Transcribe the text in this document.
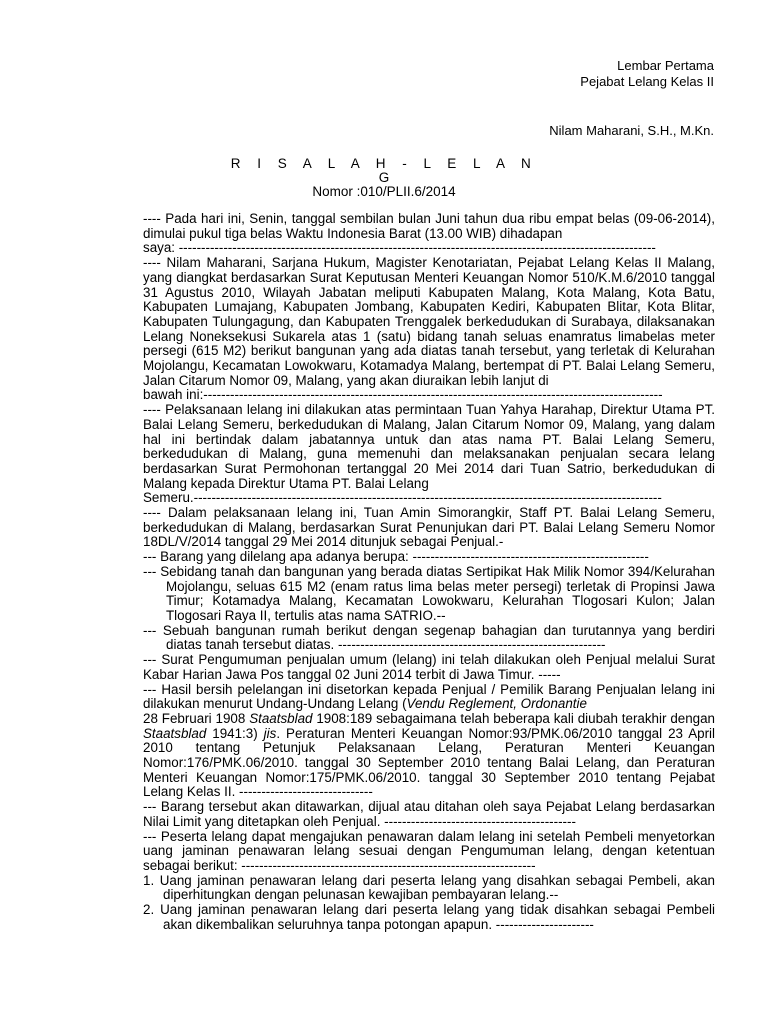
Lembar Pertama
Pejabat Lelang Kelas II
Nilam Maharani, S.H., M.Kn.
R I S A L A H - L E L A N
G
Nomor :010/PLII.6/2014

---- Pada hari ini, Senin, tanggal sembilan bulan Juni tahun dua ribu empat belas (09-06-2014), dimulai pukul tiga belas Waktu Indonesia Barat (13.00 WIB) dihadapan

saya: -----------------------------------------------------------------------------------------------------------

---- Nilam Maharani, Sarjana Hukum, Magister Kenotariatan, Pejabat Lelang Kelas II Malang, yang diangkat berdasarkan Surat Keputusan Menteri Keuangan Nomor 510/K.M.6/2010 tanggal 31 Agustus 2010, Wilayah Jabatan meliputi Kabupaten Malang, Kota Malang, Kota Batu, Kabupaten Lumajang, Kabupaten Jombang, Kabupaten Kediri, Kabupaten Blitar, Kota Blitar, Kabupaten Tulungagung, dan Kabupaten Trenggalek berkedudukan di Surabaya, dilaksanakan Lelang Noneksekusi Sukarela atas 1 (satu) bidang tanah seluas enamratus limabelas meter persegi (615 M2) berikut bangunan yang ada diatas tanah tersebut, yang terletak di Kelurahan Mojolangu, Kecamatan Lowokwaru, Kotamadya Malang, bertempat di PT. Balai Lelang Semeru, Jalan Citarum Nomor 09, Malang, yang akan diuraikan lebih lanjut di

bawah ini:-------------------------------------------------------------------------------------------------------

---- Pelaksanaan lelang ini dilakukan atas permintaan Tuan Yahya Harahap, Direktur Utama PT. Balai Lelang Semeru, berkedudukan di Malang, Jalan Citarum Nomor 09, Malang, yang dalam hal ini bertindak dalam jabatannya untuk dan atas nama PT. Balai Lelang Semeru, berkedudukan di Malang, guna memenuhi dan melaksanakan penjualan secara lelang berdasarkan Surat Permohonan tertanggal 20 Mei 2014 dari Tuan Satrio, berkedudukan di Malang kepada Direktur Utama PT. Balai Lelang

Semeru.---------------------------------------------------------------------------------------------------------

---- Dalam pelaksanaan lelang ini, Tuan Amin Simorangkir, Staff PT. Balai Lelang Semeru, berkedudukan di Malang, berdasarkan Surat Penunjukan dari PT. Balai Lelang Semeru Nomor 18DL/V/2014 tanggal 29 Mei 2014 ditunjuk sebagai Penjual.-

--- Barang yang dilelang apa adanya berupa: -----------------------------------------------------

--- Sebidang tanah dan bangunan yang berada diatas Sertipikat Hak Milik Nomor 394/Kelurahan Mojolangu, seluas 615 M2 (enam ratus lima belas meter persegi) terletak di Propinsi Jawa Timur; Kotamadya Malang, Kecamatan Lowokwaru, Kelurahan Tlogosari Kulon; Jalan Tlogosari Raya II, tertulis atas nama SATRIO.--

--- Sebuah bangunan rumah berikut dengan segenap bahagian dan turutannya yang berdiri diatas tanah tersebut diatas. ------------------------------------------------------------

--- Surat Pengumuman penjualan umum (lelang) ini telah dilakukan oleh Penjual melalui Surat Kabar Harian Jawa Pos tanggal 02 Juni 2014 terbit di Jawa Timur. -----

--- Hasil bersih pelelangan ini disetorkan kepada Penjual / Pemilik Barang Penjualan lelang ini dilakukan menurut Undang-Undang Lelang (Vendu Reglement, Ordonantie

28 Februari 1908 Staatsblad 1908:189 sebagaimana telah beberapa kali diubah terakhir dengan Staatsblad 1941:3) jis. Peraturan Menteri Keuangan Nomor:93/PMK.06/2010 tanggal 23 April 2010 tentang Petunjuk Pelaksanaan Lelang, Peraturan Menteri Keuangan Nomor:176/PMK.06/2010. tanggal 30 September 2010 tentang Balai Lelang, dan Peraturan Menteri Keuangan Nomor:175/PMK.06/2010. tanggal 30 September 2010 tentang Pejabat Lelang Kelas II. ------------------------------

--- Barang tersebut akan ditawarkan, dijual atau ditahan oleh saya Pejabat Lelang berdasarkan Nilai Limit yang ditetapkan oleh Penjual. -------------------------------------------

--- Peserta lelang dapat mengajukan penawaran dalam lelang ini setelah Pembeli menyetorkan uang jaminan penawaran lelang sesuai dengan Pengumuman lelang, dengan ketentuan sebagai berikut: ------------------------------------------------------------------

1. Uang jaminan penawaran lelang dari peserta lelang yang disahkan sebagai Pembeli, akan diperhitungkan dengan pelunasan kewajiban pembayaran lelang.--

2. Uang jaminan penawaran lelang dari peserta lelang yang tidak disahkan sebagai Pembeli akan dikembalikan seluruhnya tanpa potongan apapun. ----------------------
